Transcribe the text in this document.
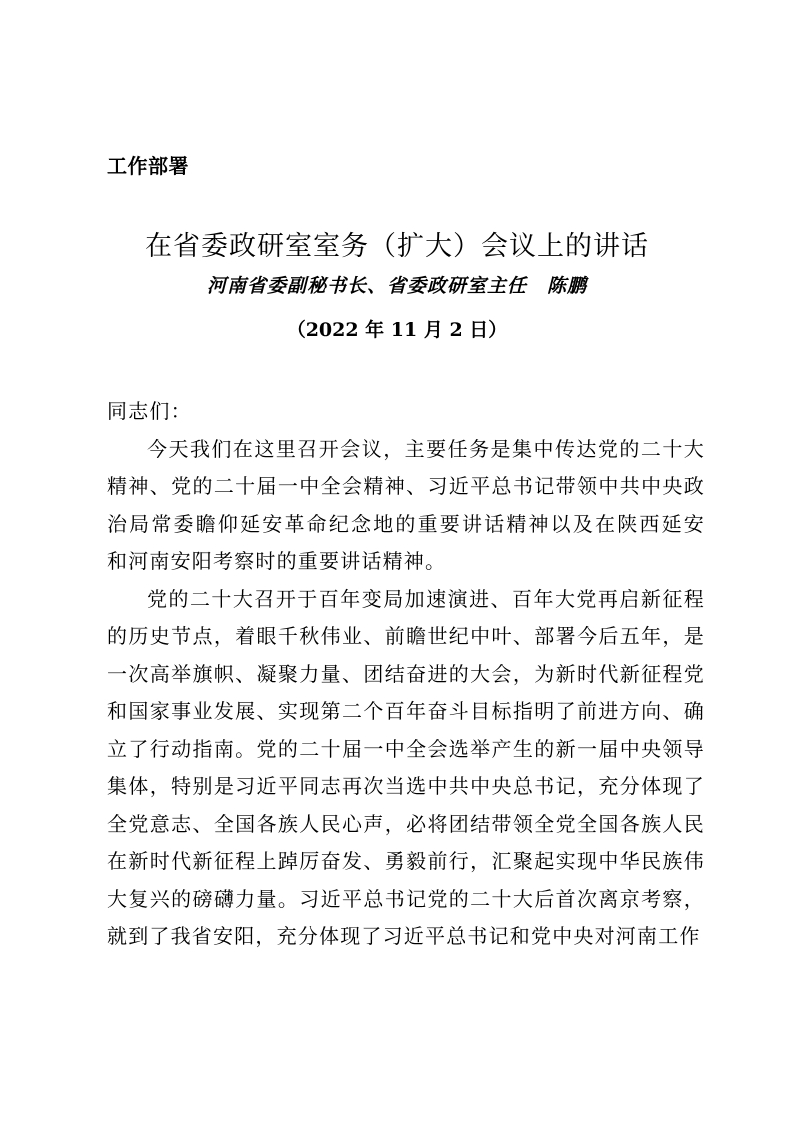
工作部署
在省委政研室室务（扩大）会议上的讲话
河南省委副秘书长、省委政研室主任　陈鹏
（2022 年 11 月 2 日）

同志们：

今天我们在这里召开会议，主要任务是集中传达党的二十大精神、党的二十届一中全会精神、习近平总书记带领中共中央政治局常委瞻仰延安革命纪念地的重要讲话精神以及在陕西延安 和河南安阳考察时的重要讲话精神。

党的二十大召开于百年变局加速演进、百年大党再启新征程的历史节点，着眼千秋伟业、前瞻世纪中叶、部署今后五年，是一次高举旗帜、凝聚力量、团结奋进的大会，为新时代新征程党和国家事业发展、实现第二个百年奋斗目标指明了前进方向、确立了行动指南。党的二十届一中全会选举产生的新一届中央领导集体，特别是习近平同志再次当选中共中央总书记，充分体现了全党意志、全国各族人民心声，必将团结带领全党全国各族人民在新时代新征程上踔厉奋发、勇毅前行，汇聚起实现中华民族伟大复兴的磅礴力量。习近平总书记党的二十大后首次离京考察， 就到了我省安阳，充分体现了习近平总书记和党中央对河南工作
